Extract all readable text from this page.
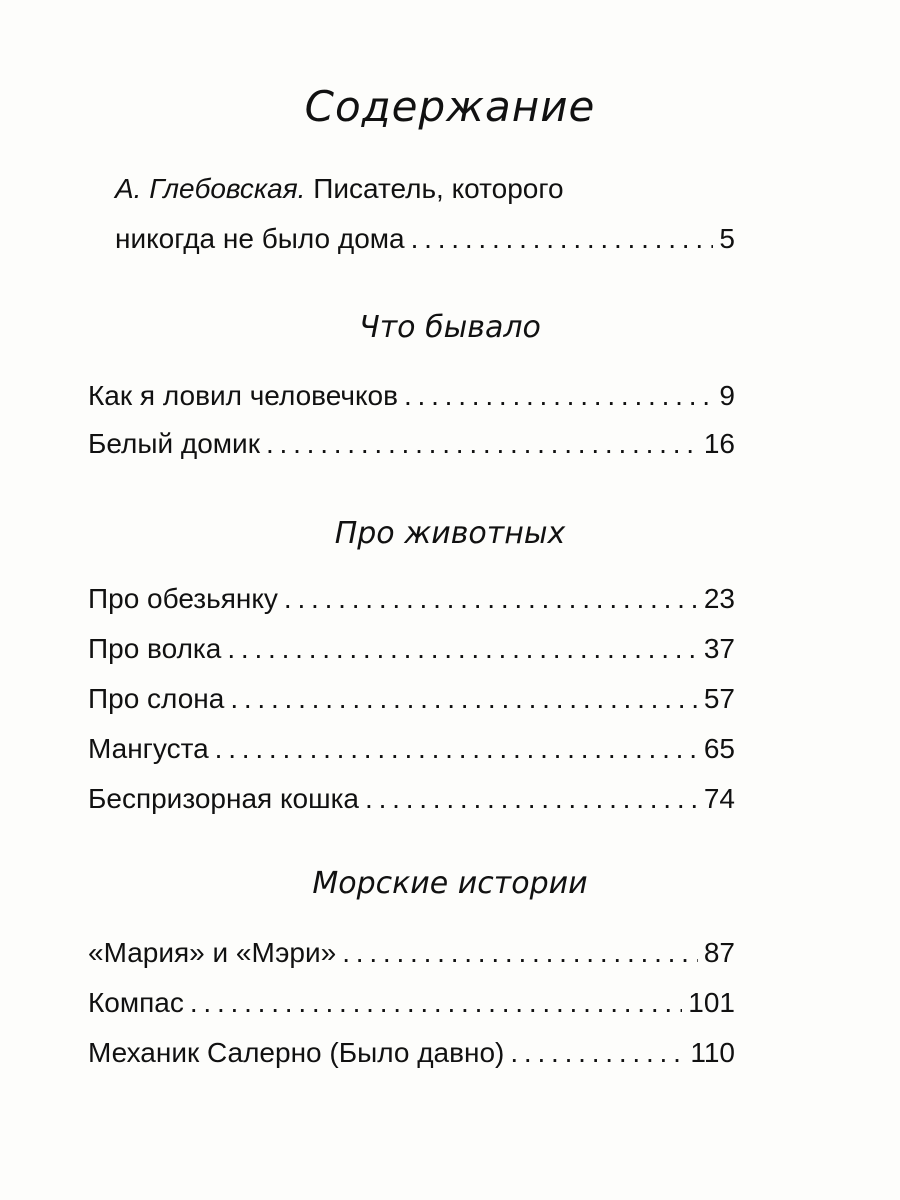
Содержание
А. Глебовская. Писатель, которого
никогда не было дома . . .	5
Что бывало
Как я ловил человечков . . .	9
Белый домик . . .	16
Про животных
Про обезьянку . . .	23
Про волка . . .	37
Про слона . . .	57
Мангуста . . .	65
Беспризорная кошка . . .	74
Морские истории
«Мария» и «Мэри» . . .	87
Компас . . .	101
Механик Салерно (Было давно) . . .	110
